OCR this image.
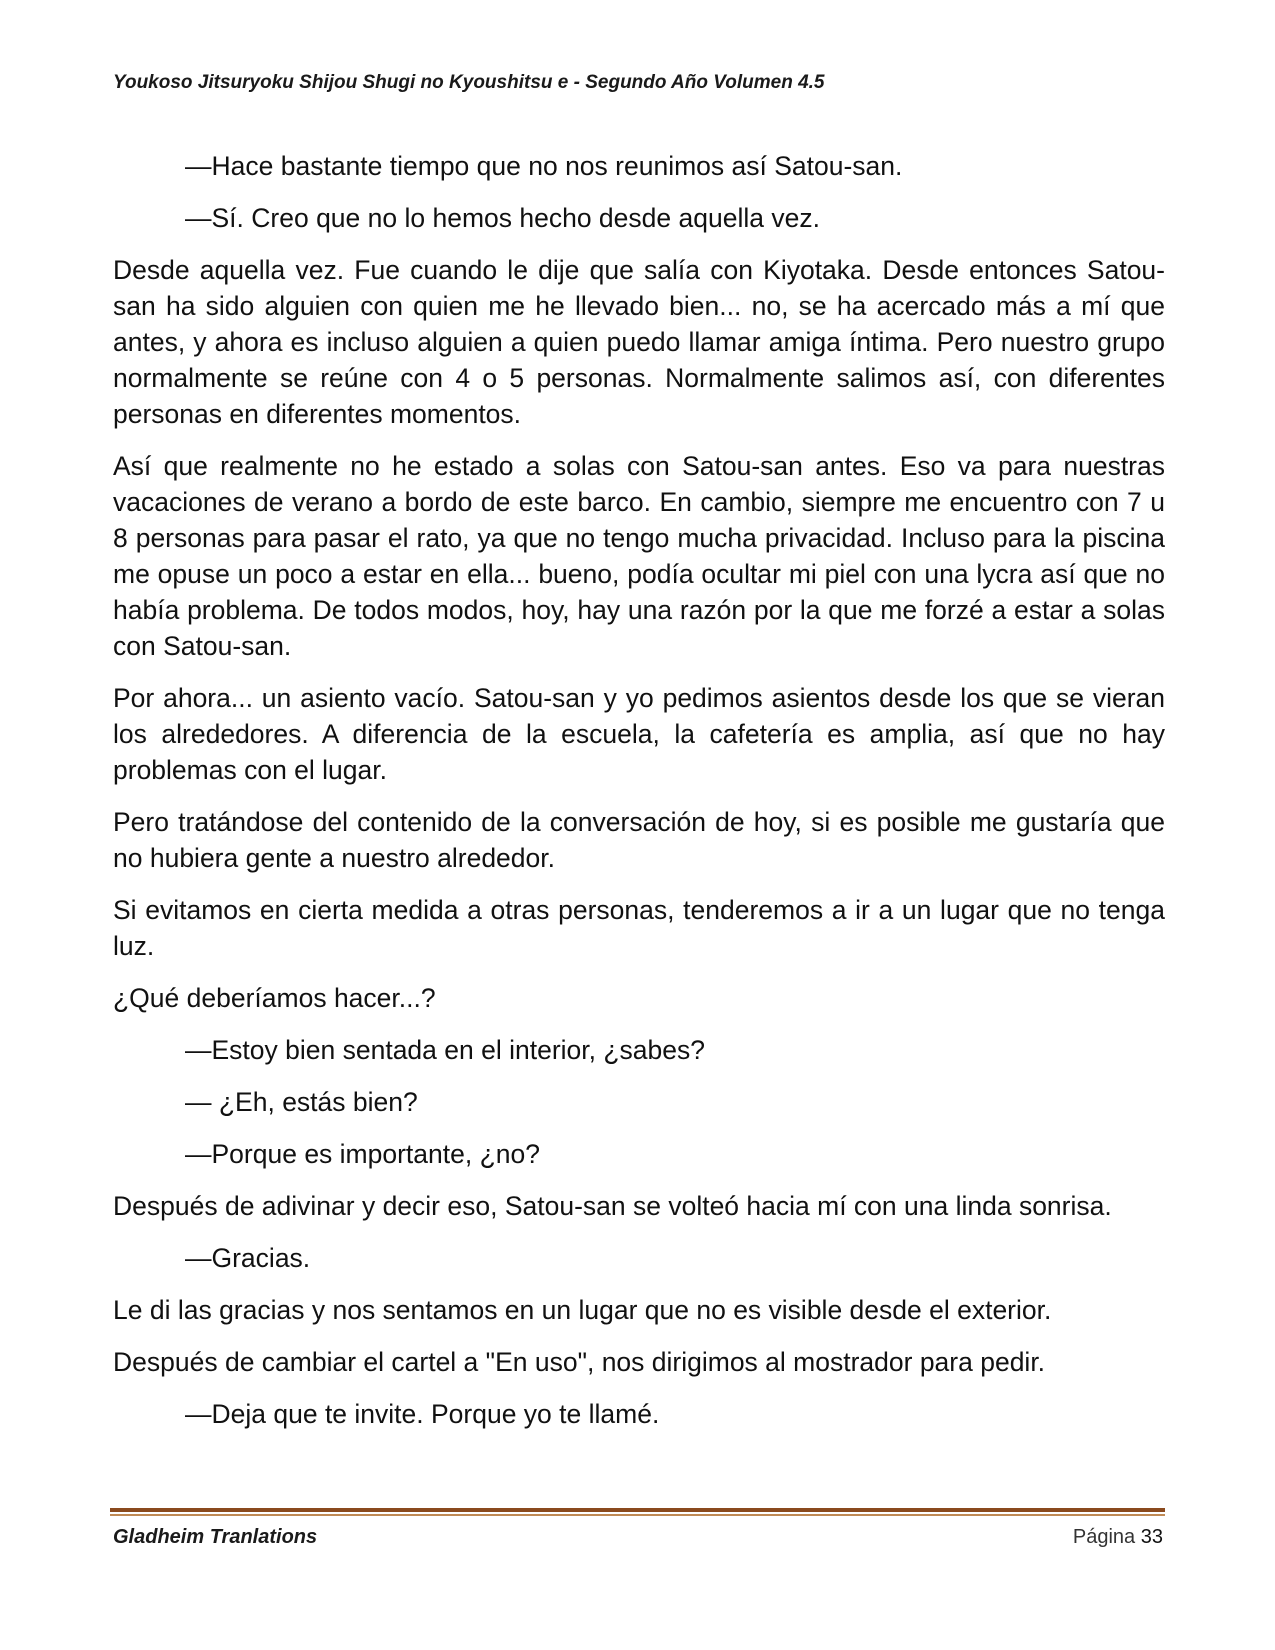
Youkoso Jitsuryoku Shijou Shugi no Kyoushitsu e - Segundo Año Volumen 4.5

—Hace bastante tiempo que no nos reunimos así Satou-san.

—Sí. Creo que no lo hemos hecho desde aquella vez.

Desde aquella vez. Fue cuando le dije que salía con Kiyotaka. Desde entonces Satou-san ha sido alguien con quien me he llevado bien... no, se ha acercado más a mí que antes, y ahora es incluso alguien a quien puedo llamar amiga íntima. Pero nuestro grupo normalmente se reúne con 4 o 5 personas. Normalmente salimos así, con diferentes personas en diferentes momentos.

Así que realmente no he estado a solas con Satou-san antes. Eso va para nuestras vacaciones de verano a bordo de este barco. En cambio, siempre me encuentro con 7 u 8 personas para pasar el rato, ya que no tengo mucha privacidad. Incluso para la piscina me opuse un poco a estar en ella... bueno, podía ocultar mi piel con una lycra así que no había problema. De todos modos, hoy, hay una razón por la que me forzé a estar a solas con Satou-san.

Por ahora... un asiento vacío. Satou-san y yo pedimos asientos desde los que se vieran los alrededores. A diferencia de la escuela, la cafetería es amplia, así que no hay problemas con el lugar.

Pero tratándose del contenido de la conversación de hoy, si es posible me gustaría que no hubiera gente a nuestro alrededor.

Si evitamos en cierta medida a otras personas, tenderemos a ir a un lugar que no tenga luz.

¿Qué deberíamos hacer...?

—Estoy bien sentada en el interior, ¿sabes?

— ¿Eh, estás bien?

—Porque es importante, ¿no?

Después de adivinar y decir eso, Satou-san se volteó hacia mí con una linda sonrisa.

—Gracias.

Le di las gracias y nos sentamos en un lugar que no es visible desde el exterior.

Después de cambiar el cartel a "En uso", nos dirigimos al mostrador para pedir.

—Deja que te invite. Porque yo te llamé.

Gladheim Tranlations	Página 33
